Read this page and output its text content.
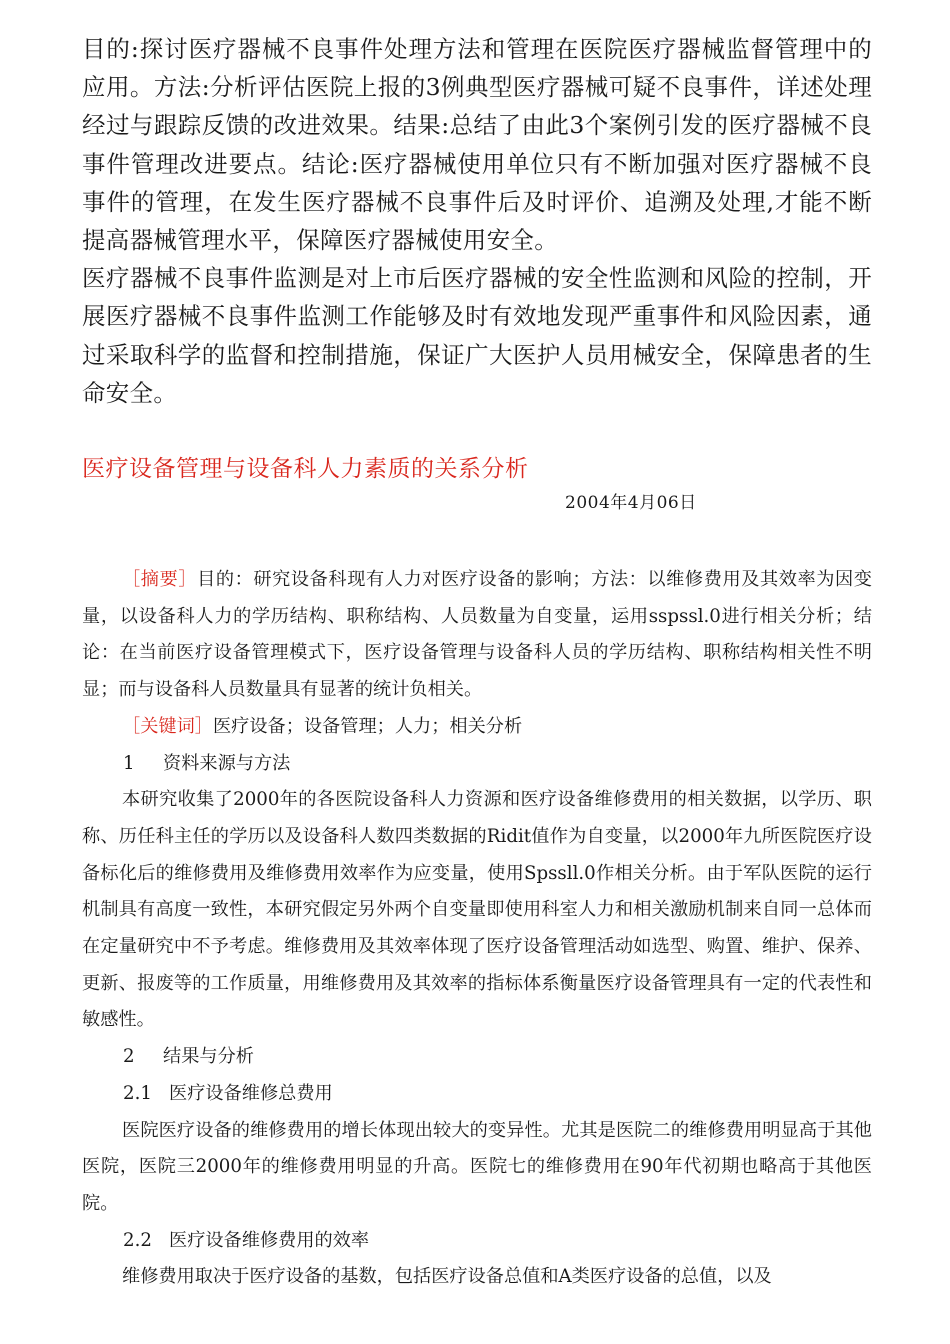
目的:探讨医疗器械不良事件处理方法和管理在医院医疗器械监督管理中的应用。方法:分析评估医院上报的3例典型医疗器械可疑不良事件，详述处理经过与跟踪反馈的改进效果。结果:总结了由此3个案例引发的医疗器械不良事件管理改进要点。结论:医疗器械使用单位只有不断加强对医疗器械不良事件的管理，在发生医疗器械不良事件后及时评价、追溯及处理,才能不断提高器械管理水平，保障医疗器械使用安全。

医疗器械不良事件监测是对上市后医疗器械的安全性监测和风险的控制，开展医疗器械不良事件监测工作能够及时有效地发现严重事件和风险因素，通过采取科学的监督和控制措施，保证广大医护人员用械安全，保障患者的生命安全。

医疗设备管理与设备科人力素质的关系分析

2004年4月06日

［摘要］目的：研究设备科现有人力对医疗设备的影响；方法：以维修费用及其效率为因变量，以设备科人力的学历结构、职称结构、人员数量为自变量，运用sspssl.0进行相关分析；结论：在当前医疗设备管理模式下，医疗设备管理与设备科人员的学历结构、职称结构相关性不明显；而与设备科人员数量具有显著的统计负相关。

［关键词］医疗设备；设备管理；人力；相关分析

1 资料来源与方法

本研究收集了2000年的各医院设备科人力资源和医疗设备维修费用的相关数据，以学历、职称、历任科主任的学历以及设备科人数四类数据的Ridit值作为自变量，以2000年九所医院医疗设备标化后的维修费用及维修费用效率作为应变量，使用Spssll.0作相关分析。由于军队医院的运行机制具有高度一致性，本研究假定另外两个自变量即使用科室人力和相关激励机制来自同一总体而在定量研究中不予考虑。维修费用及其效率体现了医疗设备管理活动如选型、购置、维护、保养、更新、报废等的工作质量，用维修费用及其效率的指标体系衡量医疗设备管理具有一定的代表性和敏感性。

2 结果与分析

2.1 医疗设备维修总费用

医院医疗设备的维修费用的增长体现出较大的变异性。尤其是医院二的维修费用明显高于其他医院，医院三2000年的维修费用明显的升高。医院七的维修费用在90年代初期也略高于其他医院。

2.2 医疗设备维修费用的效率

维修费用取决于医疗设备的基数，包括医疗设备总值和A类医疗设备的总值，以及
